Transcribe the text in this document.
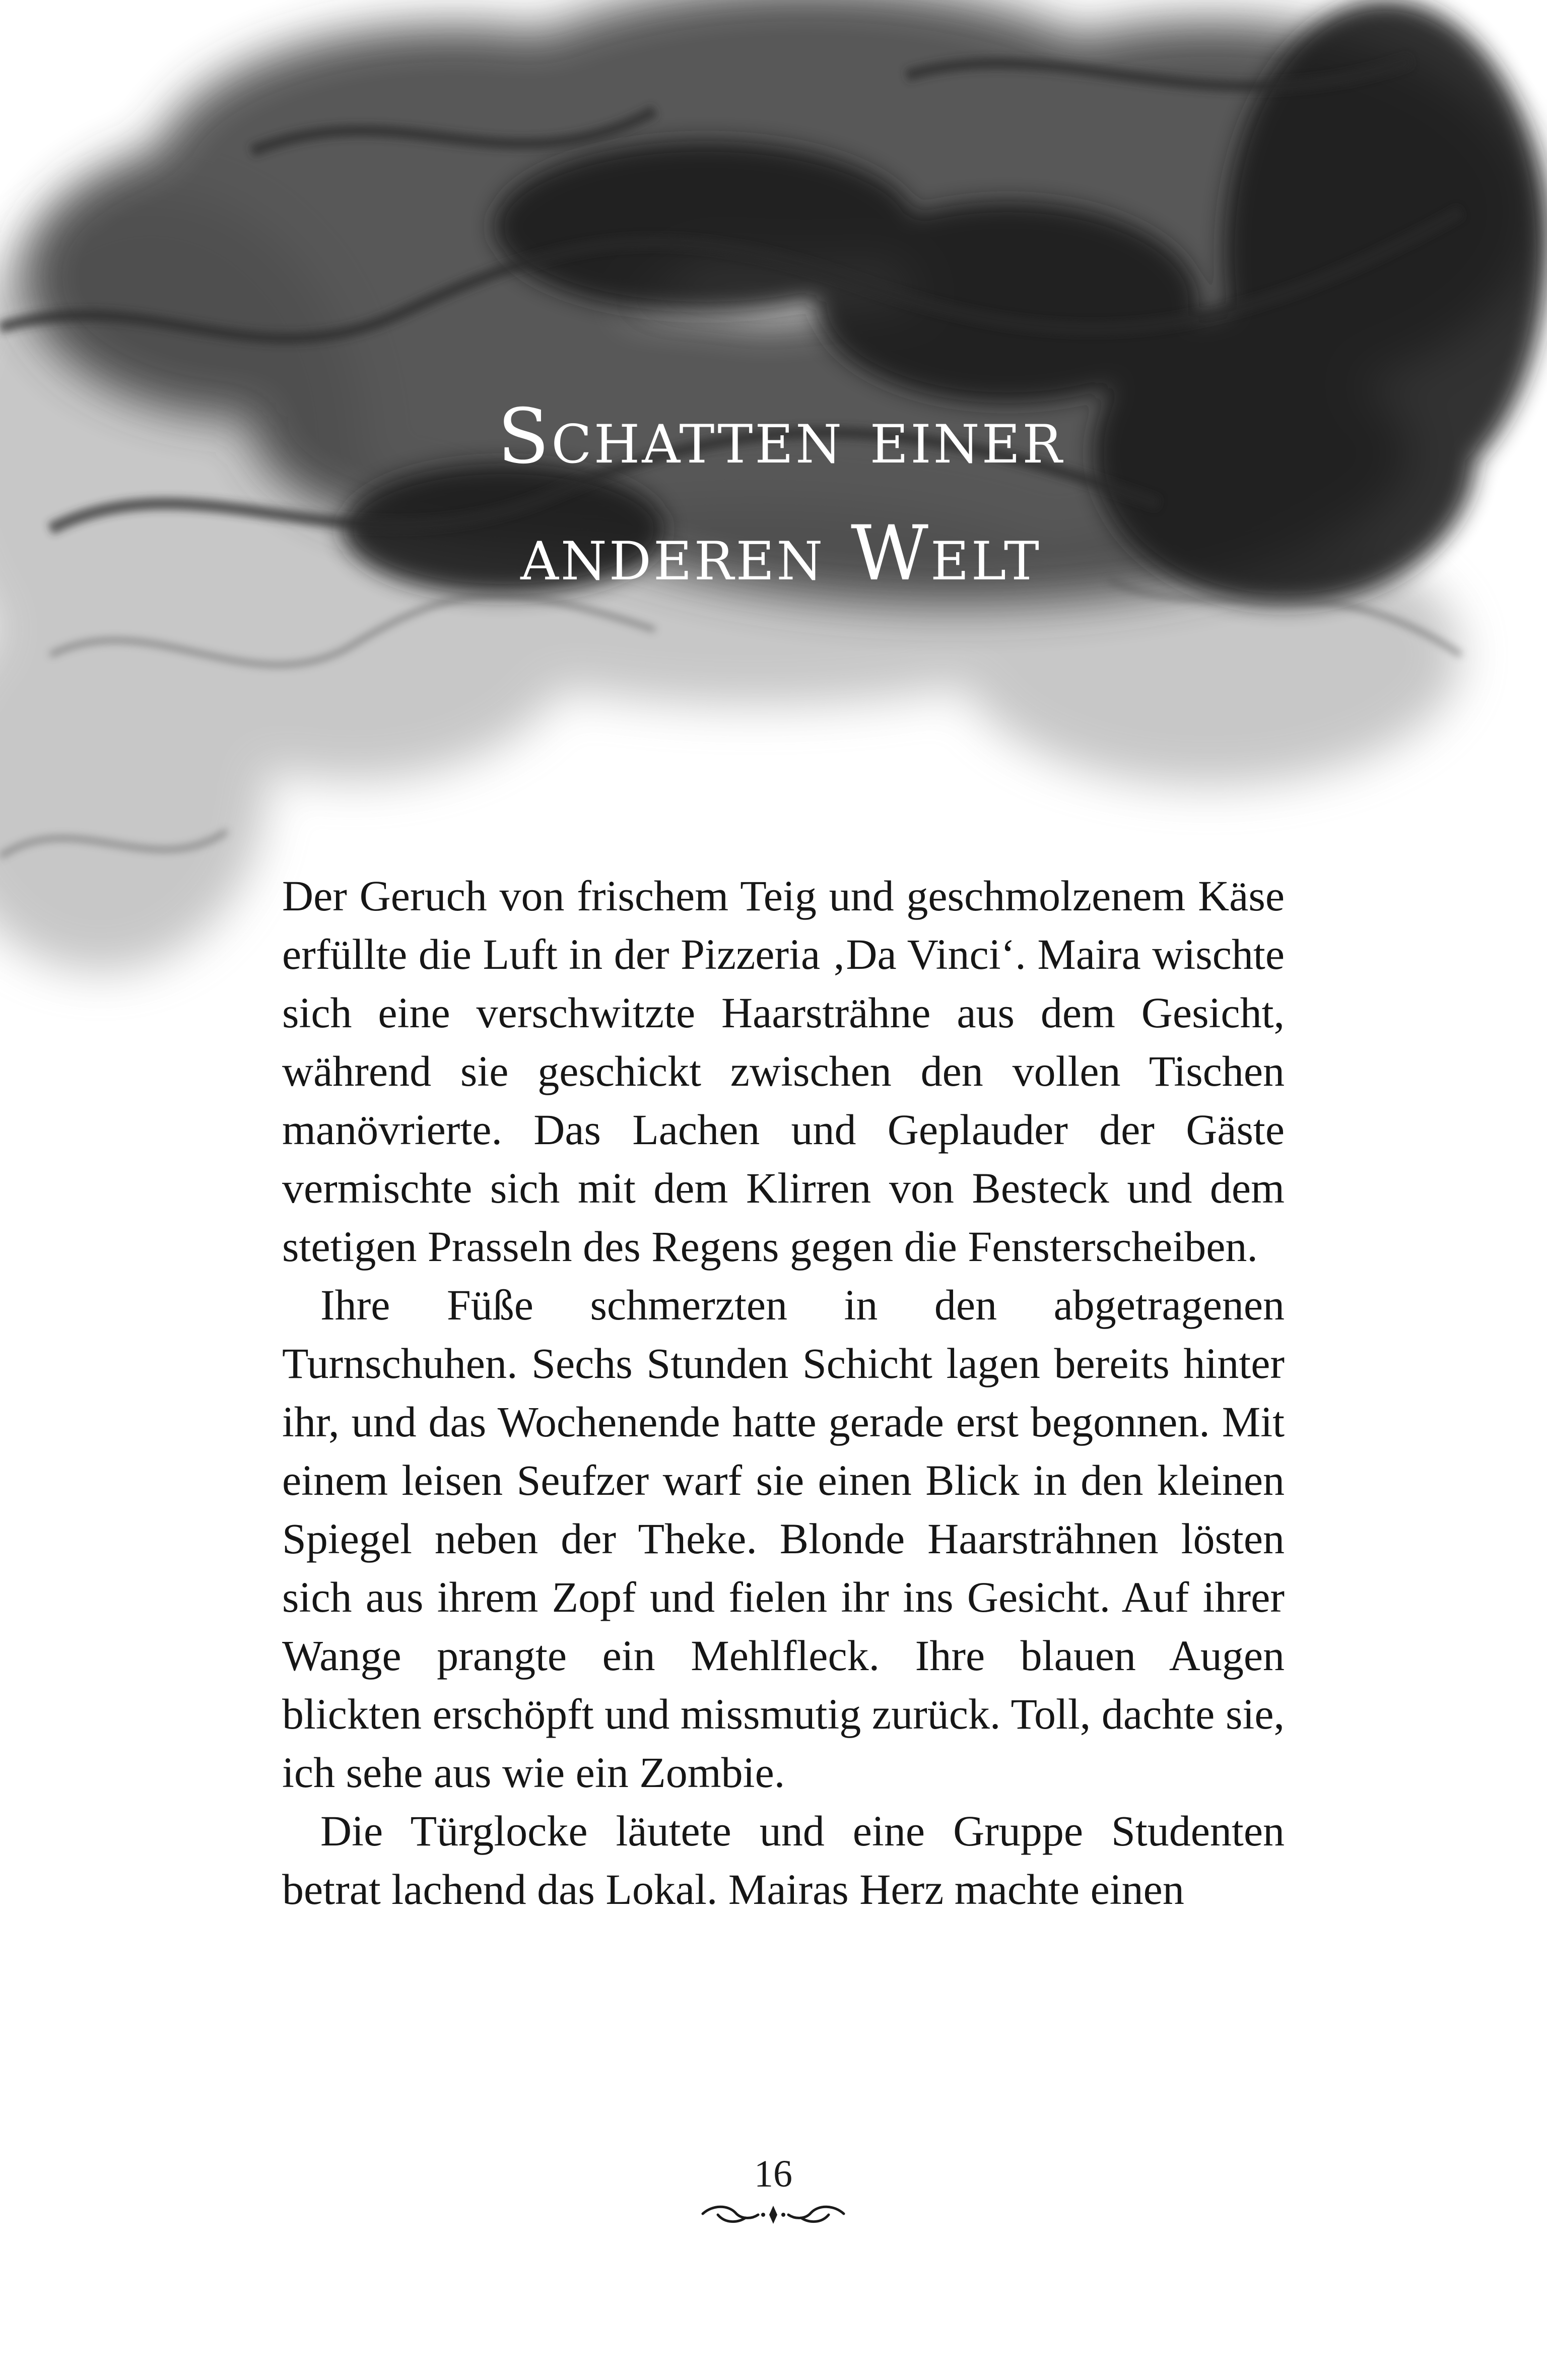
Schatten einer
anderen Welt

Der Geruch von frischem Teig und geschmolzenem Käse erfüllte die Luft in der Pizzeria ‚Da Vinci‘. Maira wischte sich eine verschwitzte Haarsträhne aus dem Gesicht, während sie geschickt zwischen den vollen Tischen manövrierte. Das Lachen und Geplauder der Gäste vermischte sich mit dem Klirren von Besteck und dem stetigen Prasseln des Regens gegen die Fensterscheiben.

Ihre Füße schmerzten in den abgetragenen Turnschuhen. Sechs Stunden Schicht lagen bereits hinter ihr, und das Wochenende hatte gerade erst begonnen. Mit einem leisen Seufzer warf sie einen Blick in den kleinen Spiegel neben der Theke. Blonde Haarsträhnen lösten sich aus ihrem Zopf und fielen ihr ins Gesicht. Auf ihrer Wange prangte ein Mehlfleck. Ihre blauen Augen blickten erschöpft und missmutig zurück. Toll, dachte sie, ich sehe aus wie ein Zombie.

Die Türglocke läutete und eine Gruppe Studenten betrat lachend das Lokal. Mairas Herz machte einen

16
